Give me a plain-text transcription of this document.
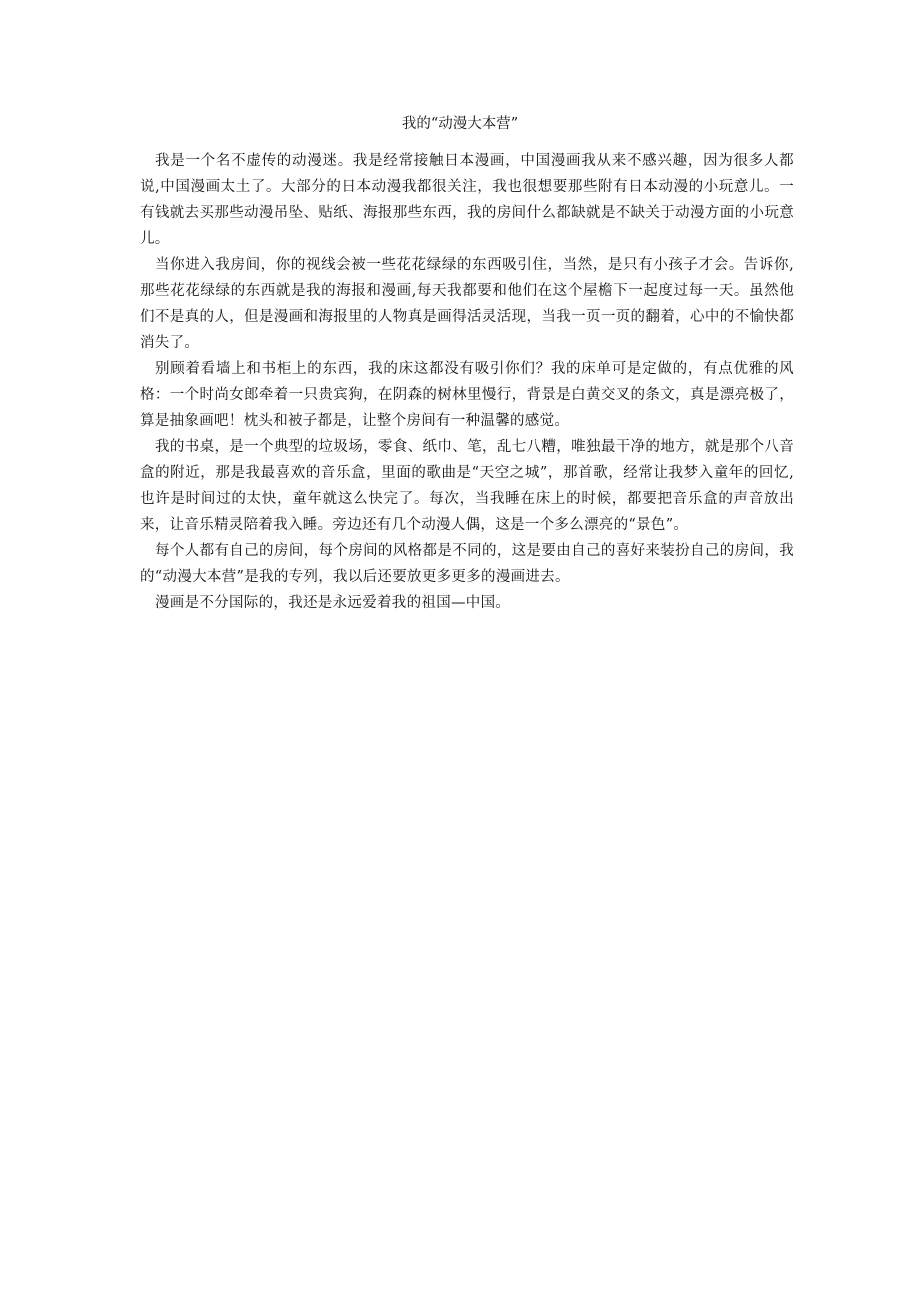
我的“动漫大本营”

我是一个名不虚传的动漫迷。我是经常接触日本漫画，中国漫画我从来不感兴趣，因为很多人都说,中国漫画太土了。大部分的日本动漫我都很关注，我也很想要那些附有日本动漫的小玩意儿。一有钱就去买那些动漫吊坠、贴纸、海报那些东西，我的房间什么都缺就是不缺关于动漫方面的小玩意儿。

当你进入我房间，你的视线会被一些花花绿绿的东西吸引住，当然，是只有小孩子才会。告诉你,那些花花绿绿的东西就是我的海报和漫画,每天我都要和他们在这个屋檐下一起度过每一天。虽然他们不是真的人，但是漫画和海报里的人物真是画得活灵活现，当我一页一页的翻着，心中的不愉快都消失了。

别顾着看墙上和书柜上的东西，我的床这都没有吸引你们？我的床单可是定做的，有点优雅的风格：一个时尚女郎牵着一只贵宾狗，在阴森的树林里慢行，背景是白黄交叉的条文，真是漂亮极了，算是抽象画吧！枕头和被子都是，让整个房间有一种温馨的感觉。

我的书桌，是一个典型的垃圾场，零食、纸巾、笔，乱七八糟，唯独最干净的地方，就是那个八音盒的附近，那是我最喜欢的音乐盒，里面的歌曲是“天空之城”，那首歌，经常让我梦入童年的回忆,也许是时间过的太快，童年就这么快完了。每次，当我睡在床上的时候，都要把音乐盒的声音放出来，让音乐精灵陪着我入睡。旁边还有几个动漫人偶，这是一个多么漂亮的“景色”。

每个人都有自己的房间，每个房间的风格都是不同的，这是要由自己的喜好来装扮自己的房间，我的“动漫大本营”是我的专列，我以后还要放更多更多的漫画进去。

漫画是不分国际的，我还是永远爱着我的祖国—中国。
